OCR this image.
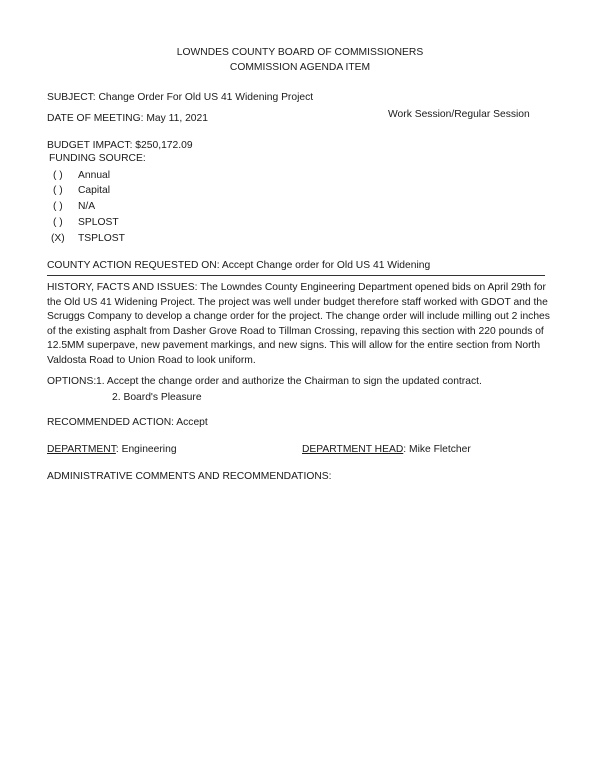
LOWNDES COUNTY BOARD OF COMMISSIONERS
COMMISSION AGENDA ITEM
SUBJECT: Change Order For Old US 41 Widening Project
DATE OF MEETING: May 11, 2021	Work Session/Regular Session
BUDGET IMPACT: $250,172.09
FUNDING SOURCE:
( ) Annual
( ) Capital
( ) N/A
( ) SPLOST
(X) TSPLOST
COUNTY ACTION REQUESTED ON: Accept Change order for Old US 41 Widening
HISTORY, FACTS AND ISSUES: The Lowndes County Engineering Department opened bids on April 29th for the Old US 41 Widening Project. The project was well under budget therefore staff worked with GDOT and the Scruggs Company to develop a change order for the project. The change order will include milling out 2 inches of the existing asphalt from Dasher Grove Road to Tillman Crossing, repaving this section with 220 pounds of 12.5MM superpave, new pavement markings, and new signs. This will allow for the entire section from North Valdosta Road to Union Road to look uniform.
OPTIONS: 1. Accept the change order and authorize the Chairman to sign the updated contract.
2. Board's Pleasure
RECOMMENDED ACTION: Accept
DEPARTMENT: Engineering	DEPARTMENT HEAD: Mike Fletcher
ADMINISTRATIVE COMMENTS AND RECOMMENDATIONS:
